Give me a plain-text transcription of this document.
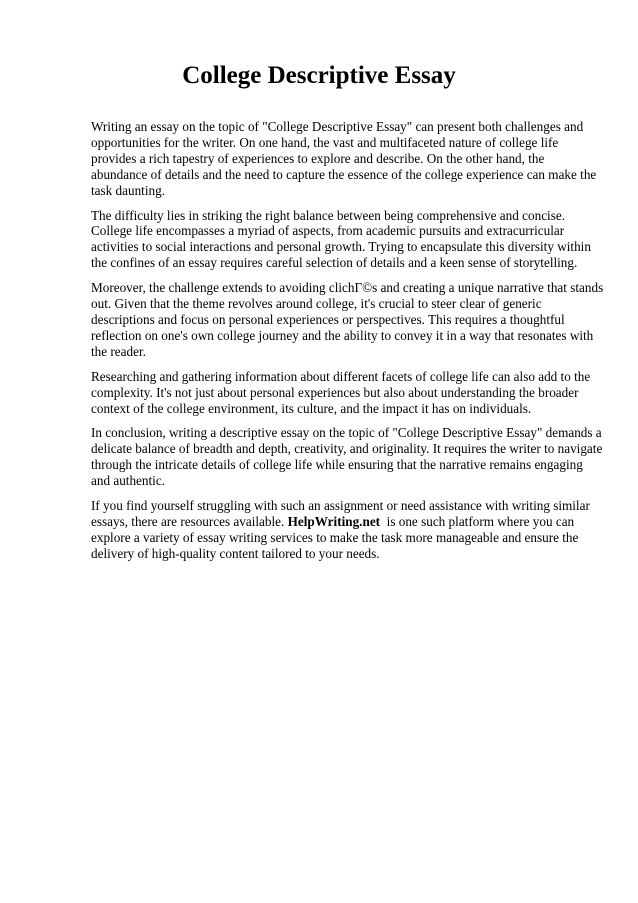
College Descriptive Essay

Writing an essay on the topic of "College Descriptive Essay" can present both challenges and
opportunities for the writer. On one hand, the vast and multifaceted nature of college life
provides a rich tapestry of experiences to explore and describe. On the other hand, the
abundance of details and the need to capture the essence of the college experience can make the
task daunting.

The difficulty lies in striking the right balance between being comprehensive and concise.
College life encompasses a myriad of aspects, from academic pursuits and extracurricular
activities to social interactions and personal growth. Trying to encapsulate this diversity within
the confines of an essay requires careful selection of details and a keen sense of storytelling.

Moreover, the challenge extends to avoiding clichГ©s and creating a unique narrative that stands
out. Given that the theme revolves around college, it's crucial to steer clear of generic
descriptions and focus on personal experiences or perspectives. This requires a thoughtful
reflection on one's own college journey and the ability to convey it in a way that resonates with
the reader.

Researching and gathering information about different facets of college life can also add to the
complexity. It's not just about personal experiences but also about understanding the broader
context of the college environment, its culture, and the impact it has on individuals.

In conclusion, writing a descriptive essay on the topic of "College Descriptive Essay" demands a
delicate balance of breadth and depth, creativity, and originality. It requires the writer to navigate
through the intricate details of college life while ensuring that the narrative remains engaging
and authentic.

If you find yourself struggling with such an assignment or need assistance with writing similar
essays, there are resources available. HelpWriting.net  is one such platform where you can
explore a variety of essay writing services to make the task more manageable and ensure the
delivery of high-quality content tailored to your needs.
